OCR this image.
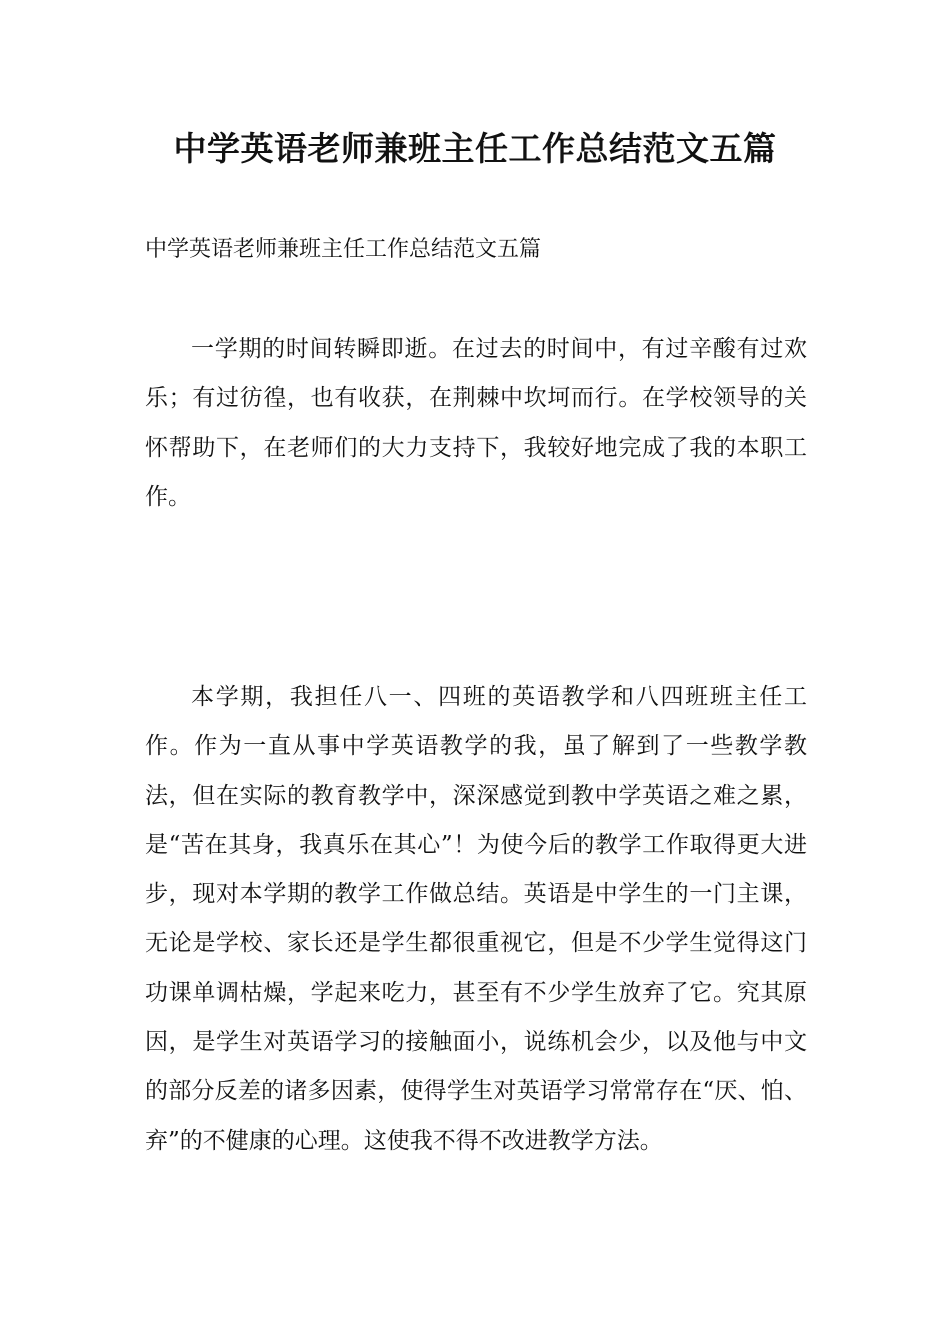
中学英语老师兼班主任工作总结范文五篇
中学英语老师兼班主任工作总结范文五篇

一学期的时间转瞬即逝。在过去的时间中，有过辛酸有过欢乐；有过彷徨，也有收获，在荆棘中坎坷而行。在学校领导的关怀帮助下，在老师们的大力支持下，我较好地完成了我的本职工作。

本学期，我担任八一、四班的英语教学和八四班班主任工作。作为一直从事中学英语教学的我，虽了解到了一些教学教法，但在实际的教育教学中，深深感觉到教中学英语之难之累，是“苦在其身，我真乐在其心”！为使今后的教学工作取得更大进步，现对本学期的教学工作做总结。英语是中学生的一门主课，无论是学校、家长还是学生都很重视它，但是不少学生觉得这门功课单调枯燥，学起来吃力，甚至有不少学生放弃了它。究其原因，是学生对英语学习的接触面小，说练机会少，以及他与中文的部分反差的诸多因素，使得学生对英语学习常常存在“厌、怕、弃”的不健康的心理。这使我不得不改进教学方法。
